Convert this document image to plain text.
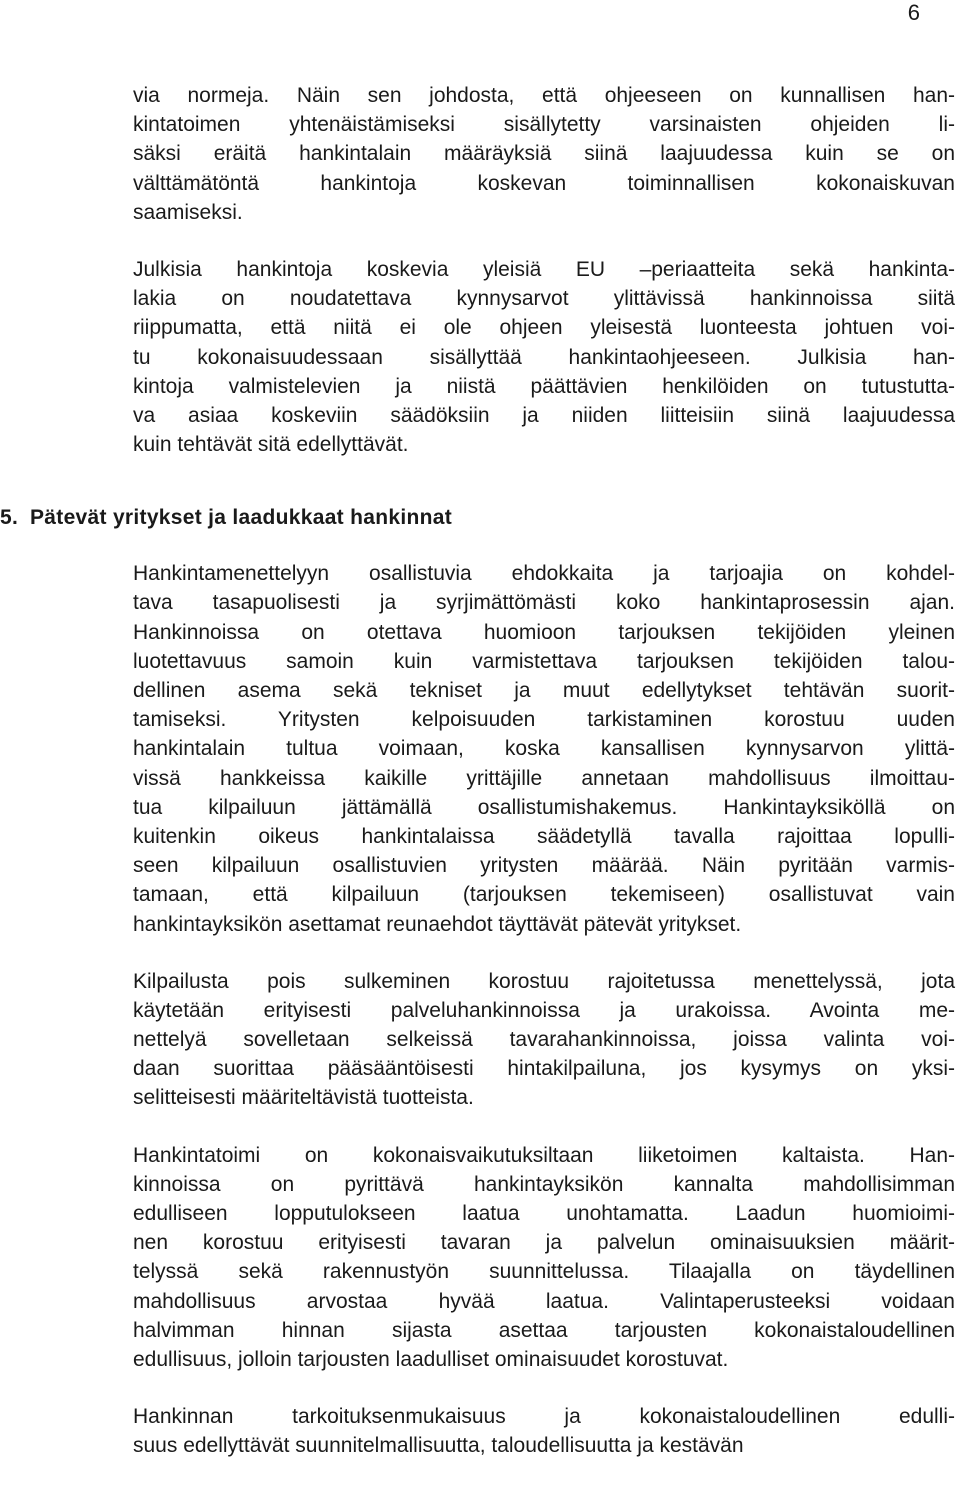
6
via normeja. Näin sen johdosta, että ohjeeseen on kunnallisen han-
kintatoimen yhtenäistämiseksi sisällytetty varsinaisten ohjeiden li-
säksi eräitä hankintalain määräyksiä siinä laajuudessa kuin se on
välttämätöntä hankintoja koskevan toiminnallisen kokonaiskuvan
saamiseksi.
Julkisia hankintoja koskevia yleisiä EU –periaatteita sekä hankinta-
lakia on noudatettava kynnysarvot ylittävissä hankinnoissa siitä
riippumatta, että niitä ei ole ohjeen yleisestä luonteesta johtuen voi-
tu kokonaisuudessaan sisällyttää hankintaohjeeseen. Julkisia han-
kintoja valmistelevien ja niistä päättävien henkilöiden on tutustutta-
va asiaa koskeviin säädöksiin ja niiden liitteisiin siinä laajuudessa
kuin tehtävät sitä edellyttävät.
5. Pätevät yritykset ja laadukkaat hankinnat
Hankintamenettelyyn osallistuvia ehdokkaita ja tarjoajia on kohdel-
tava tasapuolisesti ja syrjimättömästi koko hankintaprosessin ajan.
Hankinnoissa on otettava huomioon tarjouksen tekijöiden yleinen
luotettavuus samoin kuin varmistettava tarjouksen tekijöiden talou-
dellinen asema sekä tekniset ja muut edellytykset tehtävän suorit-
tamiseksi. Yritysten kelpoisuuden tarkistaminen korostuu uuden
hankintalain tultua voimaan, koska kansallisen kynnysarvon ylittä-
vissä hankkeissa kaikille yrittäjille annetaan mahdollisuus ilmoittau-
tua kilpailuun jättämällä osallistumishakemus. Hankintayksiköllä on
kuitenkin oikeus hankintalaissa säädetyllä tavalla rajoittaa lopulli-
seen kilpailuun osallistuvien yritysten määrää. Näin pyritään varmis-
tamaan, että kilpailuun (tarjouksen tekemiseen) osallistuvat vain
hankintayksikön asettamat reunaehdot täyttävät pätevät yritykset.
Kilpailusta pois sulkeminen korostuu rajoitetussa menettelyssä, jota
käytetään erityisesti palveluhankinnoissa ja urakoissa. Avointa me-
nettelyä sovelletaan selkeissä tavarahankinnoissa, joissa valinta voi-
daan suorittaa pääsääntöisesti hintakilpailuna, jos kysymys on yksi-
selitteisesti määriteltävistä tuotteista.
Hankintatoimi on kokonaisvaikutuksiltaan liiketoimen kaltaista. Han-
kinnoissa on pyrittävä hankintayksikön kannalta mahdollisimman
edulliseen lopputulokseen laatua unohtamatta. Laadun huomioimi-
nen korostuu erityisesti tavaran ja palvelun ominaisuuksien määrit-
telyssä sekä rakennustyön suunnittelussa. Tilaajalla on täydellinen
mahdollisuus arvostaa hyvää laatua. Valintaperusteeksi voidaan
halvimman hinnan sijasta asettaa tarjousten kokonaistaloudellinen
edullisuus, jolloin tarjousten laadulliset ominaisuudet korostuvat.
Hankinnan tarkoituksenmukaisuus ja kokonaistaloudellinen edulli-
suus edellyttävät suunnitelmallisuutta, taloudellisuutta ja kestävän
